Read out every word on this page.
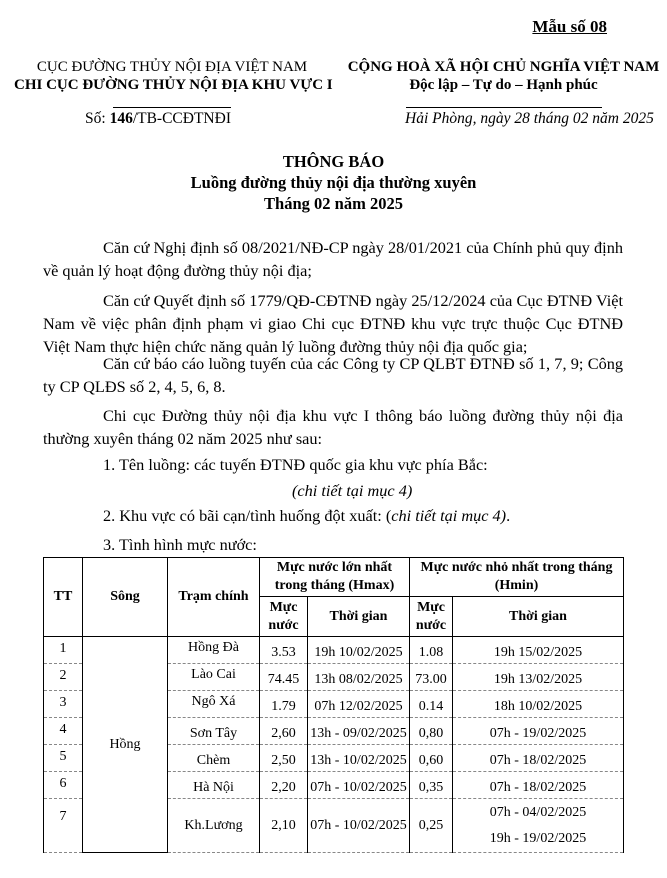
Mẫu số 08
CỤC ĐƯỜNG THỦY NỘI ĐỊA VIỆT NAM
CHI CỤC ĐƯỜNG THỦY NỘI ĐỊA KHU VỰC I
CỘNG HOÀ XÃ HỘI CHỦ NGHĨA VIỆT NAM
Độc lập – Tự do – Hạnh phúc
Số: 146/TB-CCĐTNĐI	Hải Phòng, ngày 28 tháng 02 năm 2025
THÔNG BÁO
Luồng đường thủy nội địa thường xuyên
Tháng 02 năm 2025
Căn cứ Nghị định số 08/2021/NĐ-CP ngày 28/01/2021 của Chính phủ quy định về quản lý hoạt động đường thủy nội địa;
Căn cứ Quyết định số 1779/QĐ-CĐTNĐ ngày 25/12/2024 của Cục ĐTNĐ Việt Nam về việc phân định phạm vi giao Chi cục ĐTNĐ khu vực trực thuộc Cục ĐTNĐ Việt Nam thực hiện chức năng quản lý luồng đường thủy nội địa quốc gia;
Căn cứ báo cáo luồng tuyến của các Công ty CP QLBT ĐTNĐ số 1, 7, 9; Công ty CP QLĐS số 2, 4, 5, 6, 8.
Chi cục Đường thủy nội địa khu vực I thông báo luồng đường thủy nội địa thường xuyên tháng 02 năm 2025 như sau:
1. Tên luồng: các tuyến ĐTNĐ quốc gia khu vực phía Bắc:
(chi tiết tại mục 4)
2. Khu vực có bãi cạn/tình huống đột xuất: (chi tiết tại mục 4).
3. Tình hình mực nước:
TT	Sông	Trạm chính	Mực nước lớn nhất trong tháng (Hmax)		Mực nước nhỏ nhất trong tháng (Hmin)	
			Mực nước	Thời gian	Mực nước	Thời gian
1	Hồng	Hồng Đà	3.53	19h 10/02/2025	1.08	19h 15/02/2025
2		Lào Cai	74.45	13h 08/02/2025	73.00	19h 13/02/2025
3		Ngô Xá	1.79	07h 12/02/2025	0.14	18h 10/02/2025
4		Sơn Tây	2,60	13h - 09/02/2025	0,80	07h - 19/02/2025
5		Chèm	2,50	13h - 10/02/2025	0,60	07h - 18/02/2025
6		Hà Nội	2,20	07h - 10/02/2025	0,35	07h - 18/02/2025
7		Kh.Lương	2,10	07h - 10/02/2025	0,25	07h - 04/02/2025
19h - 19/02/2025
